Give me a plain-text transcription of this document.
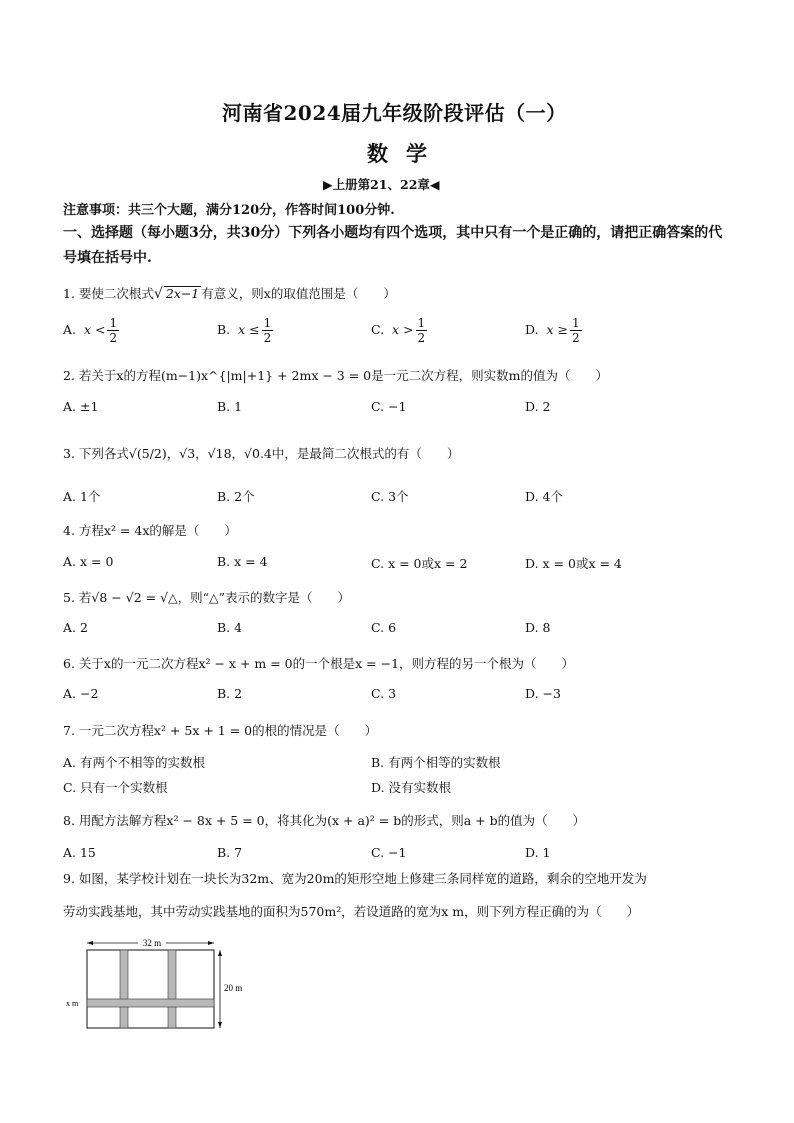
河南省2024届九年级阶段评估（一）
数学
▶上册第21、22章◀
注意事项：共三个大题，满分120分，作答时间100分钟.
一、选择题（每小题3分，共30分）下列各小题均有四个选项，其中只有一个是正确的，请把正确答案的代号填在括号中.
1. 要使二次根式√ 2x−1 有意义，则x的取值范围是（　　）
A. $x < \frac{1}{2}$	B. $x \le \frac{1}{2}$	C. $x > \frac{1}{2}$	D. $x \ge \frac{1}{2}$
2. 若关于x的方程(m−1)x^{|m|+1} + 2mx − 3 = 0是一元二次方程，则实数m的值为（　　）
A. ±1	B. 1	C. −1	D. 2
3. 下列各式√(5/2)，√3，√18，√0.4中，是最简二次根式的有（　　）
A. 1个	B. 2个	C. 3个	D. 4个
4. 方程x² = 4x的解是（　　）
A. x = 0	B. x = 4	C. x = 0或x = 2	D. x = 0或x = 4
5. 若√8 − √2 = √△，则“△”表示的数字是（　　）
A. 2	B. 4	C. 6	D. 8
6. 关于x的一元二次方程x² − x + m = 0的一个根是x = −1，则方程的另一个根为（　　）
A. −2	B. 2	C. 3	D. −3
7. 一元二次方程x² + 5x + 1 = 0的根的情况是（　　）
A. 有两个不相等的实数根	B. 有两个相等的实数根
C. 只有一个实数根	D. 没有实数根
8. 用配方法解方程x² − 8x + 5 = 0，将其化为(x + a)² = b的形式，则a + b的值为（　　）
A. 15	B. 7	C. −1	D. 1
9. 如图，某学校计划在一块长为32m、宽为20m的矩形空地上修建三条同样宽的道路，剩余的空地开发为
劳动实践基地，其中劳动实践基地的面积为570m²，若设道路的宽为x m，则下列方程正确的为（　　）
32 m
20 m
x m
